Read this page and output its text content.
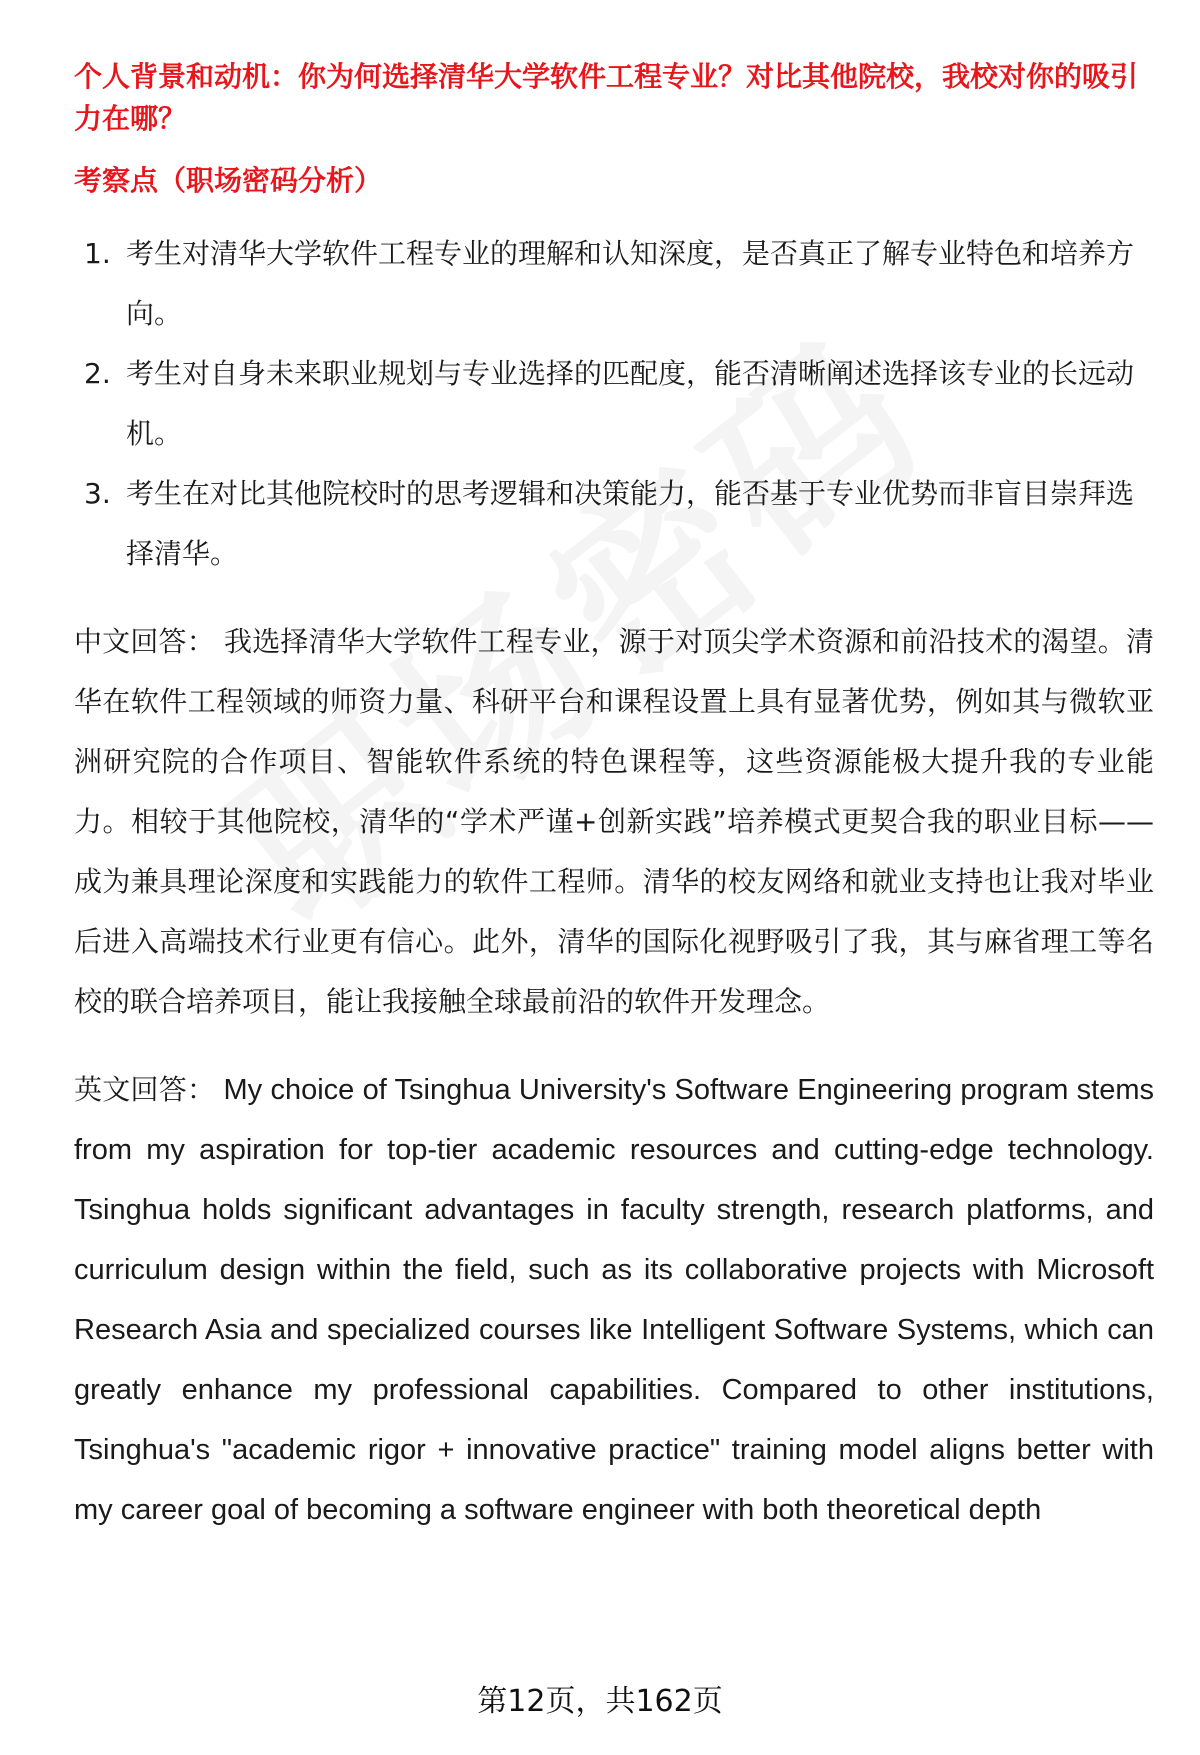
个人背景和动机：你为何选择清华大学软件工程专业？对比其他院校，我校对你的吸引力在哪？
考察点（职场密码分析）
1. 考生对清华大学软件工程专业的理解和认知深度，是否真正了解专业特色和培养方向。
2. 考生对自身未来职业规划与专业选择的匹配度，能否清晰阐述选择该专业的长远动机。
3. 考生在对比其他院校时的思考逻辑和决策能力，能否基于专业优势而非盲目崇拜选择清华。

中文回答： 我选择清华大学软件工程专业，源于对顶尖学术资源和前沿技术的渴望。清华在软件工程领域的师资力量、科研平台和课程设置上具有显著优势，例如其与微软亚洲研究院的合作项目、智能软件系统的特色课程等，这些资源能极大提升我的专业能力。相较于其他院校，清华的“学术严谨+创新实践”培养模式更契合我的职业目标——成为兼具理论深度和实践能力的软件工程师。清华的校友网络和就业支持也让我对毕业后进入高端技术行业更有信心。此外，清华的国际化视野吸引了我，其与麻省理工等名校的联合培养项目，能让我接触全球最前沿的软件开发理念。

英文回答： My choice of Tsinghua University's Software Engineering program stems from my aspiration for top-tier academic resources and cutting-edge technology. Tsinghua holds significant advantages in faculty strength, research platforms, and curriculum design within the field, such as its collaborative projects with Microsoft Research Asia and specialized courses like Intelligent Software Systems, which can greatly enhance my professional capabilities. Compared to other institutions, Tsinghua's "academic rigor + innovative practice" training model aligns better with my career goal of becoming a software engineer with both theoretical depth

第12页，共162页
